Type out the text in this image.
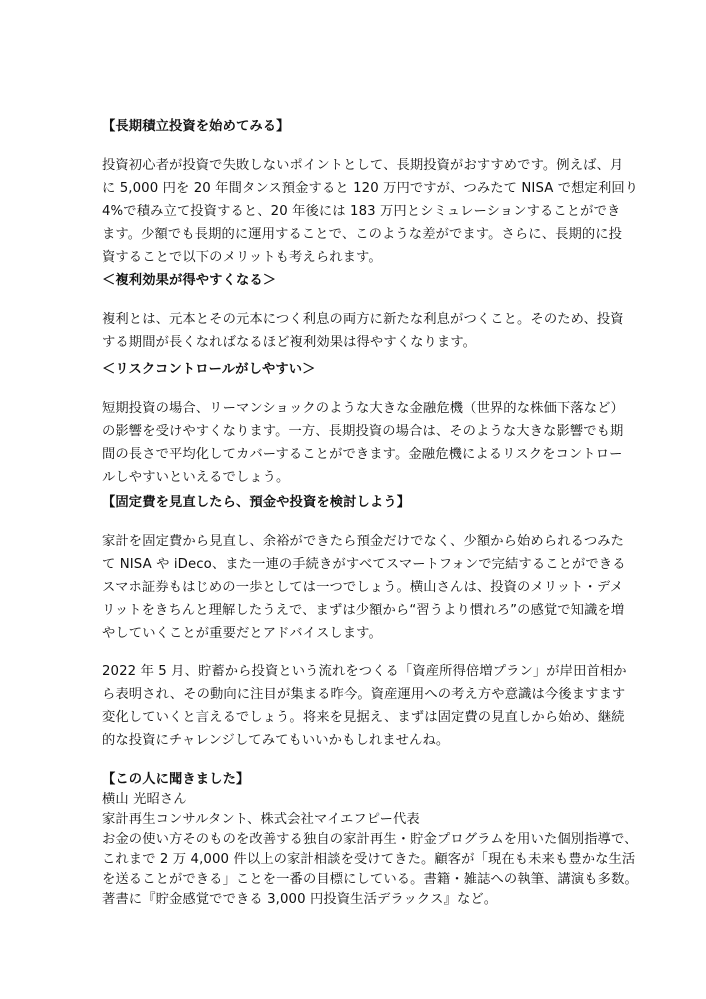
【長期積立投資を始めてみる】
投資初心者が投資で失敗しないポイントとして、長期投資がおすすめです。例えば、月
に 5,000 円を 20 年間タンス預金すると 120 万円ですが、つみたて NISA で想定利回り
4%で積み立て投資すると、20 年後には 183 万円とシミュレーションすることができ
ます。少額でも長期的に運用することで、このような差がでます。さらに、長期的に投
資することで以下のメリットも考えられます。
＜複利効果が得やすくなる＞
複利とは、元本とその元本につく利息の両方に新たな利息がつくこと。そのため、投資
する期間が長くなればなるほど複利効果は得やすくなります。
＜リスクコントロールがしやすい＞
短期投資の場合、リーマンショックのような大きな金融危機（世界的な株価下落など）
の影響を受けやすくなります。一方、長期投資の場合は、そのような大きな影響でも期
間の長さで平均化してカバーすることができます。金融危機によるリスクをコントロー
ルしやすいといえるでしょう。
【固定費を見直したら、預金や投資を検討しよう】
家計を固定費から見直し、余裕ができたら預金だけでなく、少額から始められるつみた
て NISA や iDeco、また一連の手続きがすべてスマートフォンで完結することができる
スマホ証券もはじめの一歩としては一つでしょう。横山さんは、投資のメリット・デメ
リットをきちんと理解したうえで、まずは少額から“習うより慣れろ”の感覚で知識を増
やしていくことが重要だとアドバイスします。
2022 年 5 月、貯蓄から投資という流れをつくる「資産所得倍増プラン」が岸田首相か
ら表明され、その動向に注目が集まる昨今。資産運用への考え方や意識は今後ますます
変化していくと言えるでしょう。将来を見据え、まずは固定費の見直しから始め、継続
的な投資にチャレンジしてみてもいいかもしれませんね。
【この人に聞きました】
横山 光昭さん
家計再生コンサルタント、株式会社マイエフピー代表
お金の使い方そのものを改善する独自の家計再生・貯金プログラムを用いた個別指導で、
これまで 2 万 4,000 件以上の家計相談を受けてきた。顧客が「現在も未来も豊かな生活
を送ることができる」ことを一番の目標にしている。書籍・雑誌への執筆、講演も多数。
著書に『貯金感覚でできる 3,000 円投資生活デラックス』など。
